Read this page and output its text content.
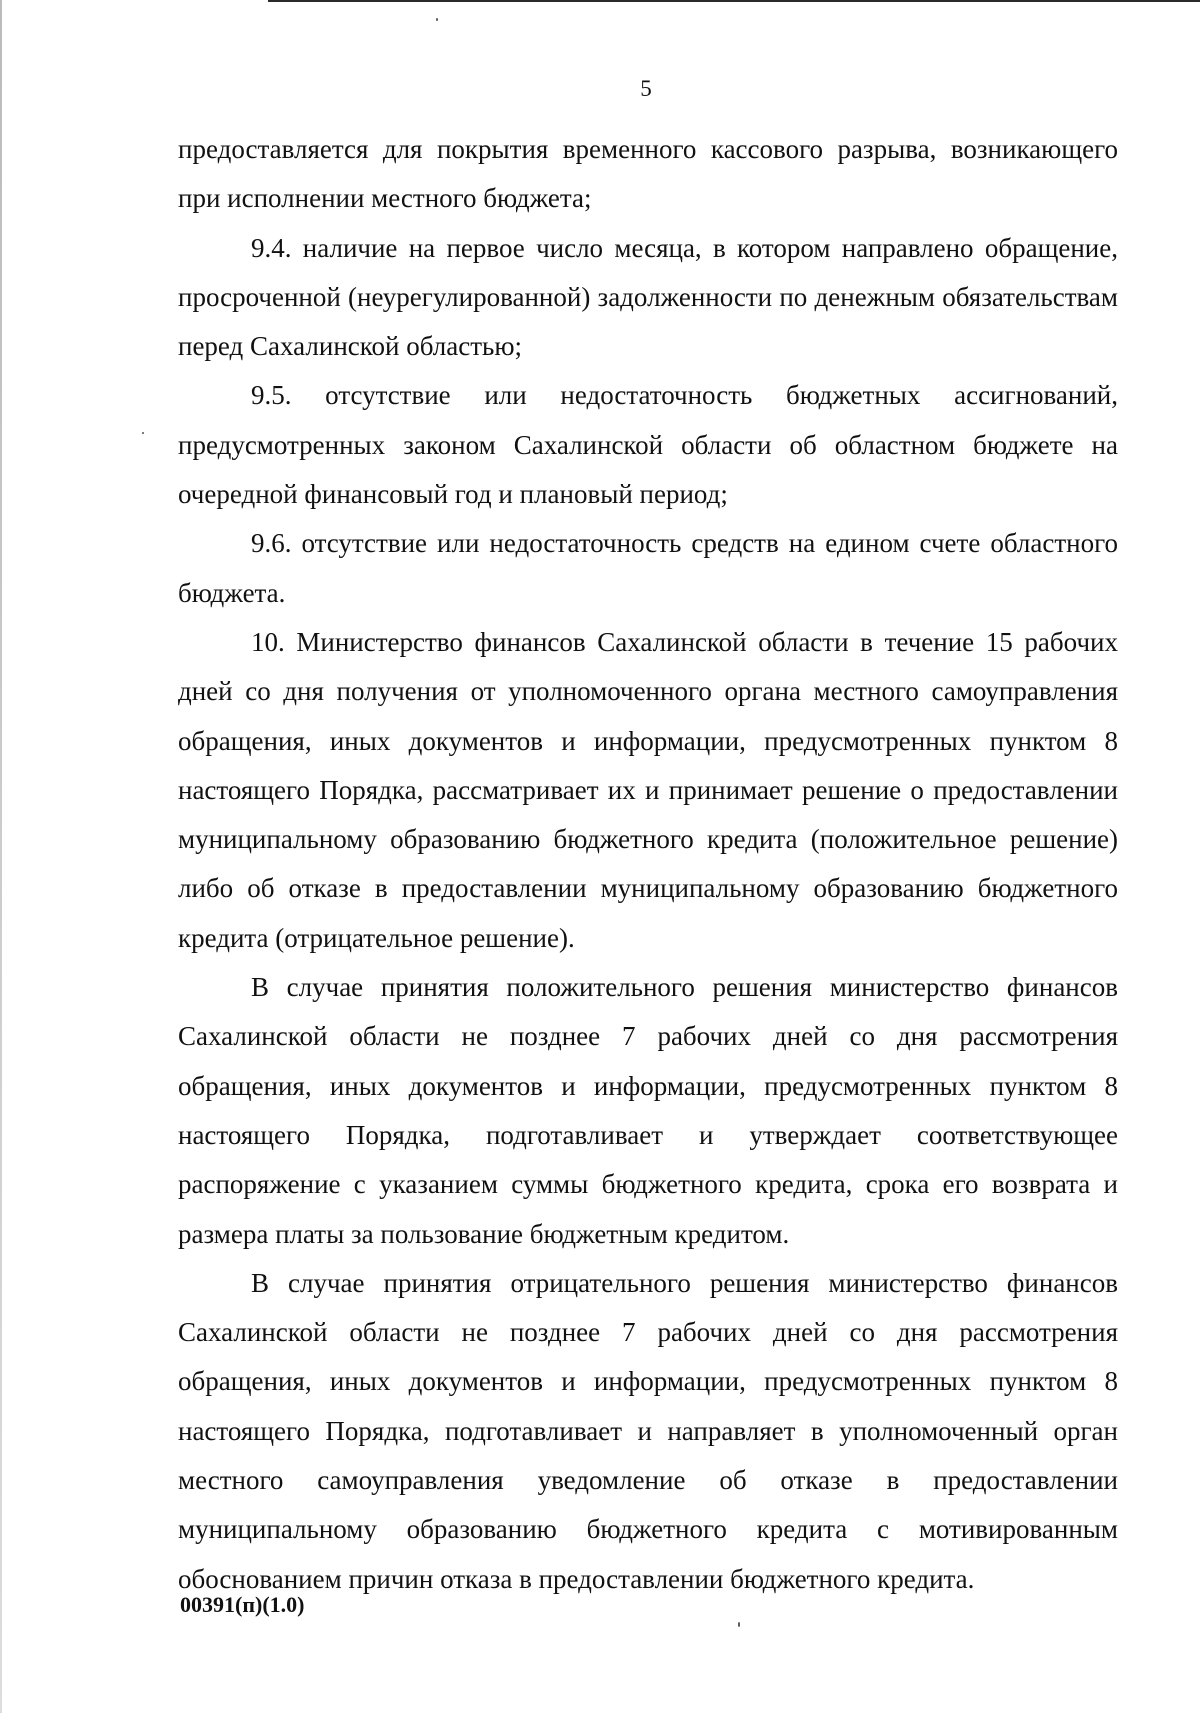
5

предоставляется для покрытия временного кассового разрыва, возникающего при исполнении местного бюджета;

9.4. наличие на первое число месяца, в котором направлено обращение, просроченной (неурегулированной) задолженности по денежным обязательствам перед Сахалинской областью;

9.5. отсутствие или недостаточность бюджетных ассигнований, предусмотренных законом Сахалинской области об областном бюджете на очередной финансовый год и плановый период;

9.6. отсутствие или недостаточность средств на едином счете областного бюджета.

10. Министерство финансов Сахалинской области в течение 15 рабочих дней со дня получения от уполномоченного органа местного самоуправления обращения, иных документов и информации, предусмотренных пунктом 8 настоящего Порядка, рассматривает их и принимает решение о предоставлении муниципальному образованию бюджетного кредита (положительное решение) либо об отказе в предоставлении муниципальному образованию бюджетного кредита (отрицательное решение).

В случае принятия положительного решения министерство финансов Сахалинской области не позднее 7 рабочих дней со дня рассмотрения обращения, иных документов и информации, предусмотренных пунктом 8 настоящего Порядка, подготавливает и утверждает соответствующее распоряжение с указанием суммы бюджетного кредита, срока его возврата и размера платы за пользование бюджетным кредитом.

В случае принятия отрицательного решения министерство финансов Сахалинской области не позднее 7 рабочих дней со дня рассмотрения обращения, иных документов и информации, предусмотренных пунктом 8 настоящего Порядка, подготавливает и направляет в уполномоченный орган местного самоуправления уведомление об отказе в предоставлении муниципальному образованию бюджетного кредита с мотивированным обоснованием причин отказа в предоставлении бюджетного кредита.

00391(п)(1.0)
